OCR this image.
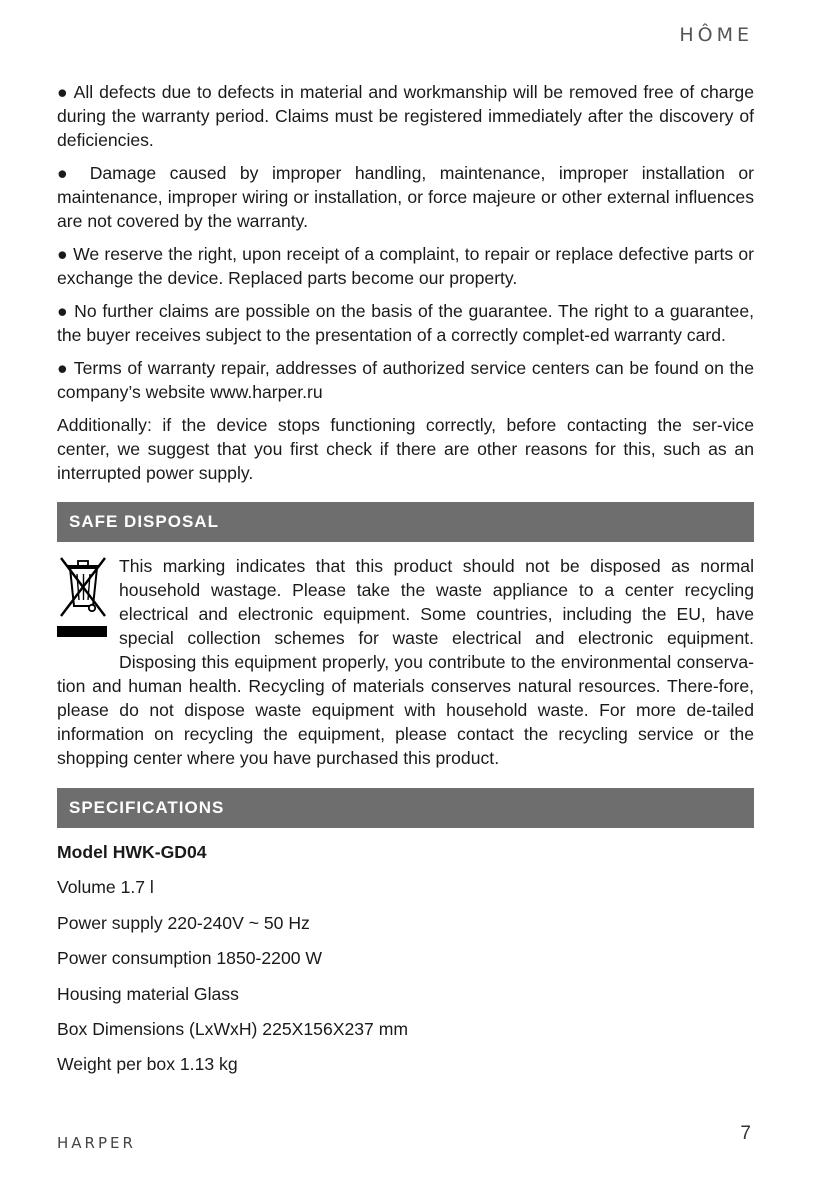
HÔME

● All defects due to defects in material and workmanship will be removed free of charge during the warranty period. Claims must be registered immediately after the discovery of deficiencies.

● Damage caused by improper handling, maintenance, improper installation or maintenance, improper wiring or installation, or force majeure or other external influences are not covered by the warranty.

● We reserve the right, upon receipt of a complaint, to repair or replace defective parts or exchange the device. Replaced parts become our property.

● No further claims are possible on the basis of the guarantee. The right to a guarantee, the buyer receives subject to the presentation of a correctly complet-ed warranty card.

● Terms of warranty repair, addresses of authorized service centers can be found on the company’s website www.harper.ru

Additionally: if the device stops functioning correctly, before contacting the ser-vice center, we suggest that you first check if there are other reasons for this, such as an interrupted power supply.

SAFE DISPOSAL
This marking indicates that this product should not be disposed as normal household wastage. Please take the waste appliance to a center recycling electrical and electronic equipment. Some countries, including the EU, have special collection schemes for waste electrical and electronic equipment. Disposing this equipment properly, you contribute to the environmental conserva-tion and human health. Recycling of materials conserves natural resources. There-fore, please do not dispose waste equipment with household waste. For more de-tailed information on recycling the equipment, please contact the recycling service or the shopping center where you have purchased this product.
SPECIFICATIONS
Model HWK-GD04
Volume 1.7 l
Power supply 220-240V ~ 50 Hz
Power consumption 1850-2200 W
Housing material Glass
Box Dimensions (LxWxH) 225X156X237 mm
Weight per box 1.13 kg
HARPER	7
